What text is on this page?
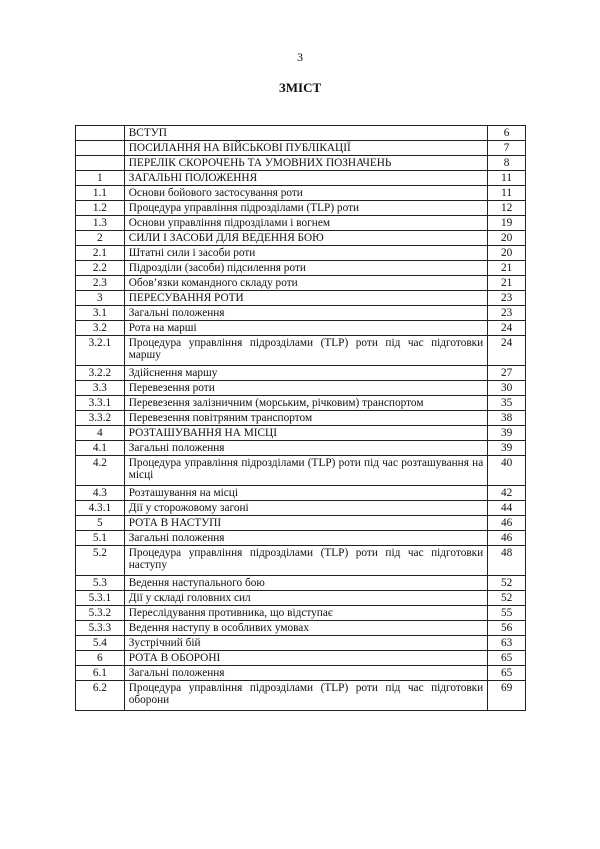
3
ЗМІСТ
	ВСТУП	6
	ПОСИЛАННЯ НА ВІЙСЬКОВІ ПУБЛІКАЦІЇ	7
	ПЕРЕЛІК СКОРОЧЕНЬ ТА УМОВНИХ ПОЗНАЧЕНЬ	8
1	ЗАГАЛЬНІ ПОЛОЖЕННЯ	11
1.1	Основи бойового застосування роти	11
1.2	Процедура управління підрозділами (TLP) роти	12
1.3	Основи управління підрозділами і вогнем	19
2	СИЛИ І ЗАСОБИ ДЛЯ ВЕДЕННЯ БОЮ	20
2.1	Штатні сили і засоби роти	20
2.2	Підрозділи (засоби) підсилення роти	21
2.3	Обов’язки командного складу роти	21
3	ПЕРЕСУВАННЯ РОТИ	23
3.1	Загальні положення	23
3.2	Рота на марші	24
3.2.1	Процедура управління підрозділами (TLP) роти під час підготовки маршу	24
3.2.2	Здійснення маршу	27
3.3	Перевезення роти	30
3.3.1	Перевезення залізничним (морським, річковим) транспортом	35
3.3.2	Перевезення повітряним транспортом	38
4	РОЗТАШУВАННЯ НА МІСЦІ	39
4.1	Загальні положення	39
4.2	Процедура управління підрозділами (TLP) роти під час розташування на місці	40
4.3	Розташування на місці	42
4.3.1	Дії у сторожовому загоні	44
5	РОТА В НАСТУПІ	46
5.1	Загальні положення	46
5.2	Процедура управління підрозділами (TLP) роти під час підготовки наступу	48
5.3	Ведення наступального бою	52
5.3.1	Дії у складі головних сил	52
5.3.2	Переслідування противника, що відступає	55
5.3.3	Ведення наступу в особливих умовах	56
5.4	Зустрічний бій	63
6	РОТА В ОБОРОНІ	65
6.1	Загальні положення	65
6.2	Процедура управління підрозділами (TLP) роти під час підготовки оборони	69
